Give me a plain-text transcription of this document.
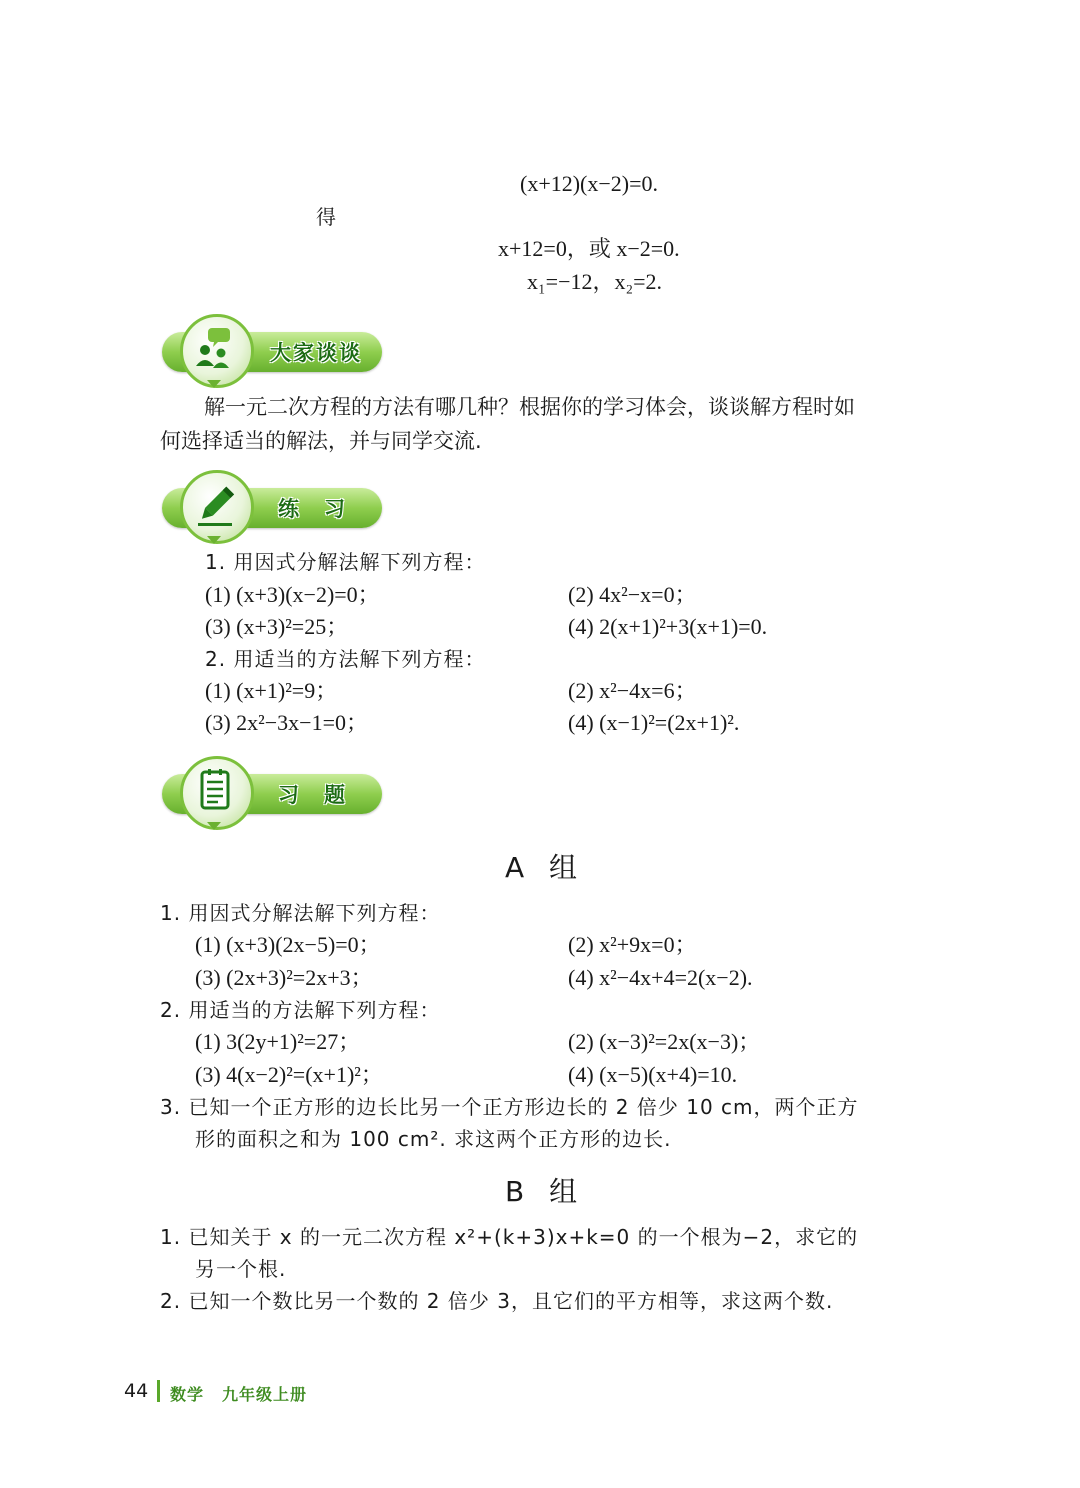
(x+12)(x−2)=0.
得
x+12=0，或 x−2=0.
x₁=−12，x₂=2.
大家谈谈
解一元二次方程的方法有哪几种？根据你的学习体会，谈谈解方程时如
何选择适当的解法，并与同学交流.
练　习
1. 用因式分解法解下列方程：
(1) (x+3)(x−2)=0；	(2) 4x²−x=0；
(3) (x+3)²=25；	(4) 2(x+1)²+3(x+1)=0.
2. 用适当的方法解下列方程：
(1) (x+1)²=9；	(2) x²−4x=6；
(3) 2x²−3x−1=0；	(4) (x−1)²=(2x+1)².
习　题
A 组
1. 用因式分解法解下列方程：
(1) (x+3)(2x−5)=0；	(2) x²+9x=0；
(3) (2x+3)²=2x+3；	(4) x²−4x+4=2(x−2).
2. 用适当的方法解下列方程：
(1) 3(2y+1)²=27；	(2) (x−3)²=2x(x−3)；
(3) 4(x−2)²=(x+1)²；	(4) (x−5)(x+4)=10.
3. 已知一个正方形的边长比另一个正方形边长的 2 倍少 10 cm，两个正方
形的面积之和为 100 cm². 求这两个正方形的边长.
B 组
1. 已知关于 x 的一元二次方程 x²+(k+3)x+k=0 的一个根为−2，求它的
另一个根.
2. 已知一个数比另一个数的 2 倍少 3，且它们的平方相等，求这两个数.
44 数学 九年级上册
